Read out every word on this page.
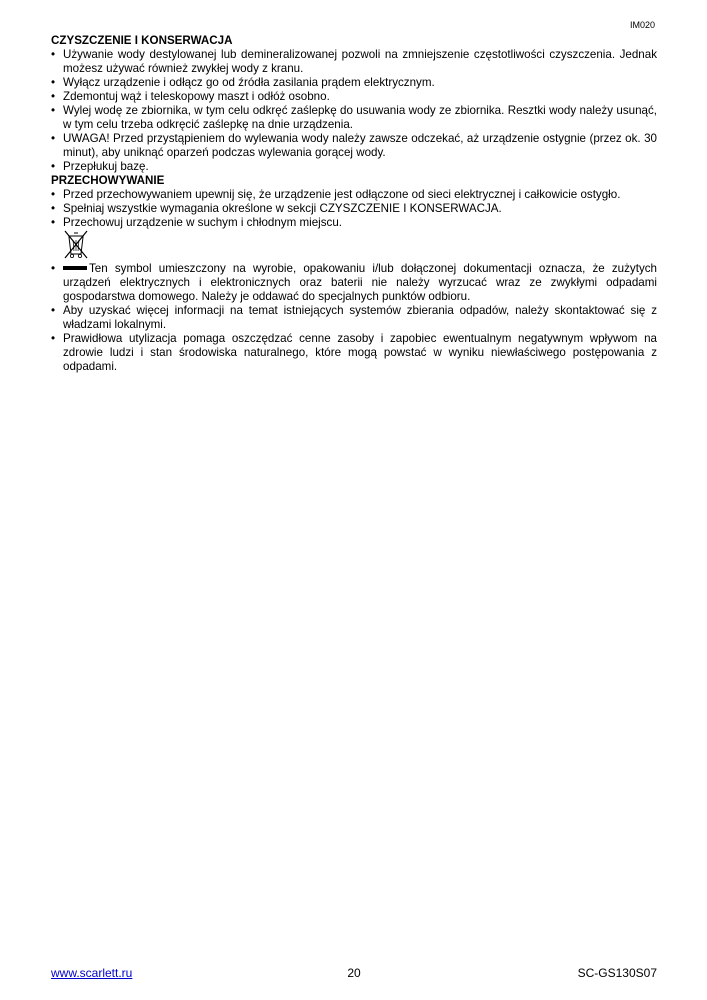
IM020
CZYSZCZENIE I KONSERWACJA
• Używanie wody destylowanej lub demineralizowanej pozwoli na zmniejszenie częstotliwości czyszczenia. Jednak możesz używać również zwykłej wody z kranu.
• Wyłącz urządzenie i odłącz go od źródła zasilania prądem elektrycznym.
• Zdemontuj wąż i teleskopowy maszt i odłóż osobno.
• Wylej wodę ze zbiornika, w tym celu odkręć zaślepkę do usuwania wody ze zbiornika. Resztki wody należy usunąć, w tym celu trzeba odkręcić zaślepkę na dnie urządzenia.
• UWAGA! Przed przystąpieniem do wylewania wody należy zawsze odczekać, aż urządzenie ostygnie (przez ok. 30 minut), aby uniknąć oparzeń podczas wylewania gorącej wody.
• Przepłukuj bazę.
PRZECHOWYWANIE
• Przed przechowywaniem upewnij się, że urządzenie jest odłączone od sieci elektrycznej i całkowicie ostygło.
• Spełniaj wszystkie wymagania określone w sekcji CZYSZCZENIE I KONSERWACJA.
• Przechowuj urządzenie w suchym i chłodnym miejscu.
• Ten symbol umieszczony na wyrobie, opakowaniu i/lub dołączonej dokumentacji oznacza, że zużytych urządzeń elektrycznych i elektronicznych oraz baterii nie należy wyrzucać wraz ze zwykłymi odpadami gospodarstwa domowego. Należy je oddawać do specjalnych punktów odbioru.
• Aby uzyskać więcej informacji na temat istniejących systemów zbierania odpadów, należy skontaktować się z władzami lokalnymi.
• Prawidłowa utylizacja pomaga oszczędzać cenne zasoby i zapobiec ewentualnym negatywnym wpływom na zdrowie ludzi i stan środowiska naturalnego, które mogą powstać w wyniku niewłaściwego postępowania z odpadami.
www.scarlett.ru	20	SC-GS130S07
